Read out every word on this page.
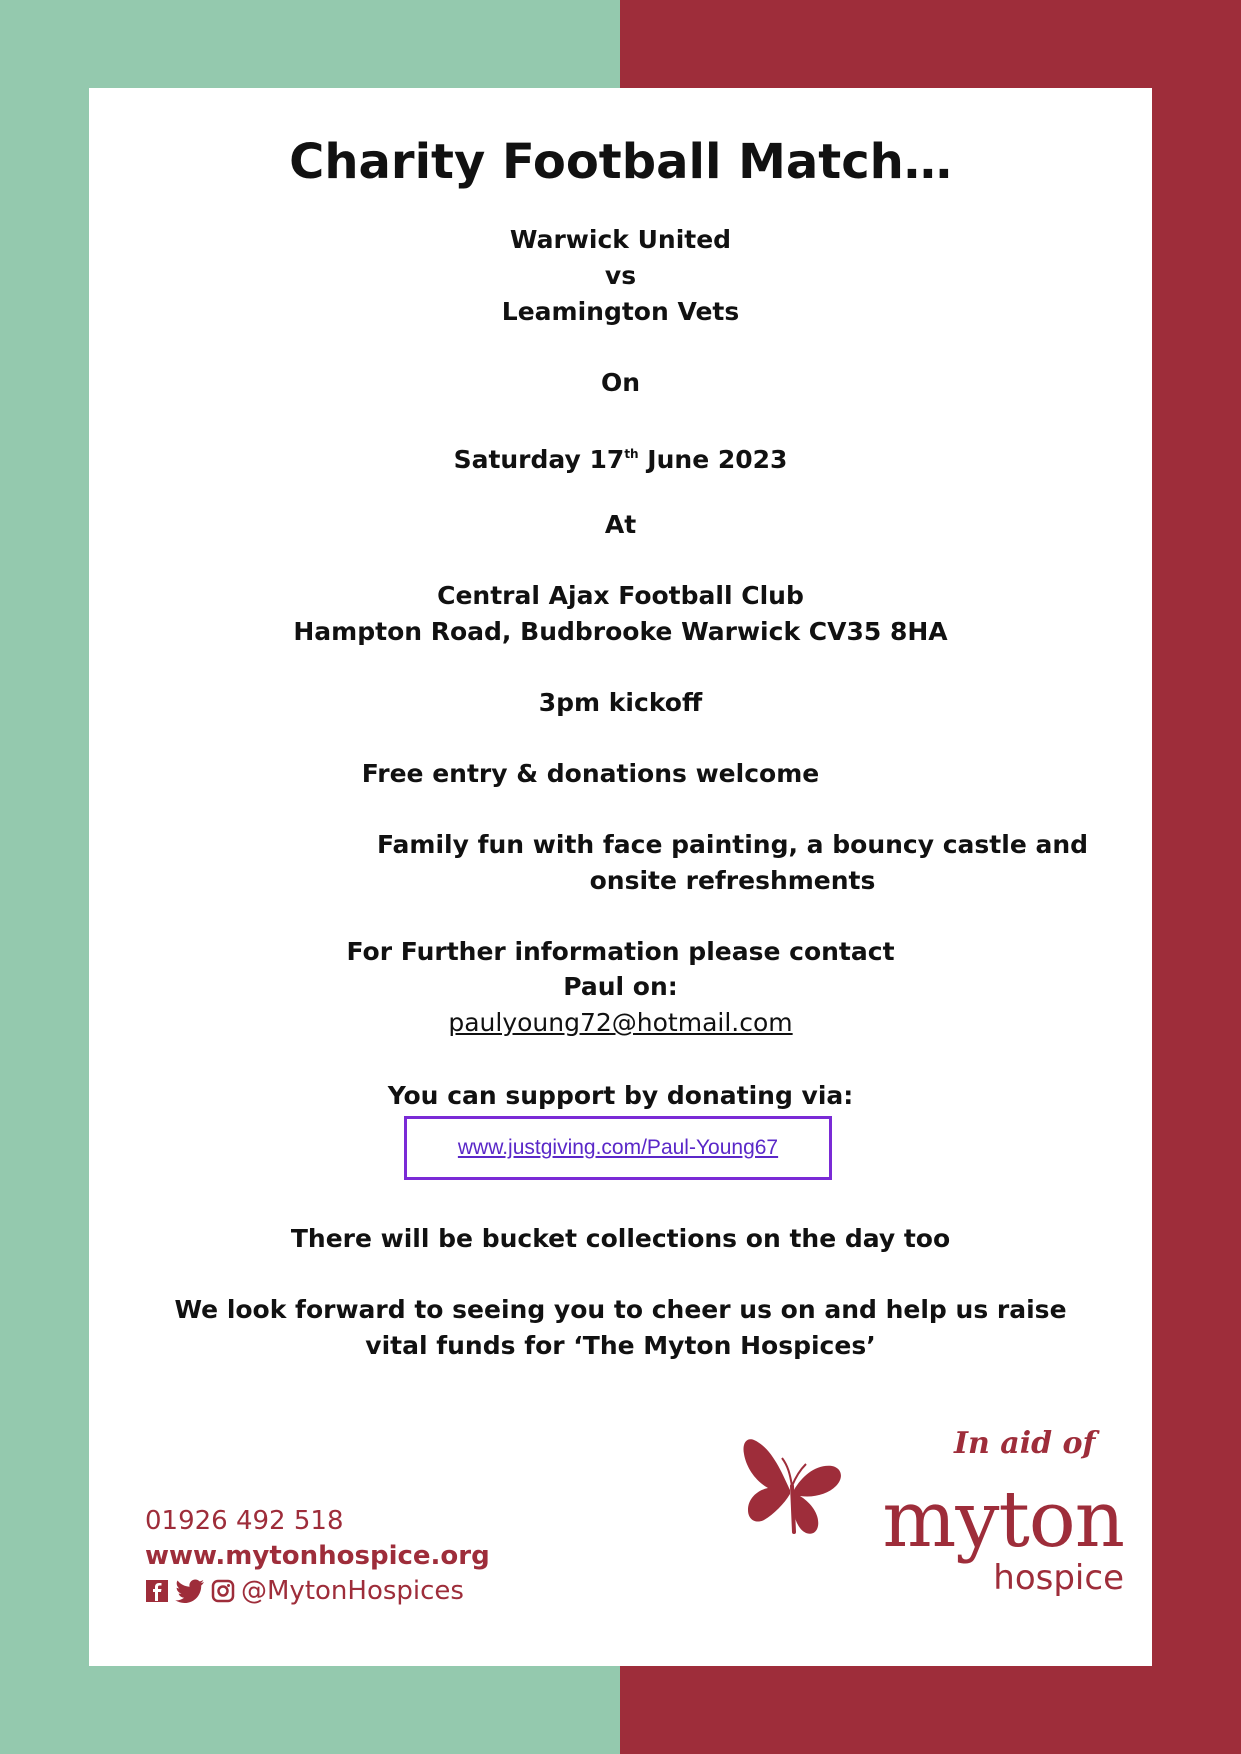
Charity Football Match…
Warwick United
vs
Leamington Vets
On
Saturday 17th June 2023
At
Central Ajax Football Club
Hampton Road, Budbrooke Warwick CV35 8HA
3pm kickoff
Free entry & donations welcome
Family fun with face painting, a bouncy castle and
onsite refreshments
For Further information please contact
Paul on:
paulyoung72@hotmail.com
You can support by donating via:
www.justgiving.com/Paul-Young67
There will be bucket collections on the day too
We look forward to seeing you to cheer us on and help us raise
vital funds for ‘The Myton Hospices’
01926 492 518
www.mytonhospice.org
@MytonHospices
In aid of
myton
hospice
